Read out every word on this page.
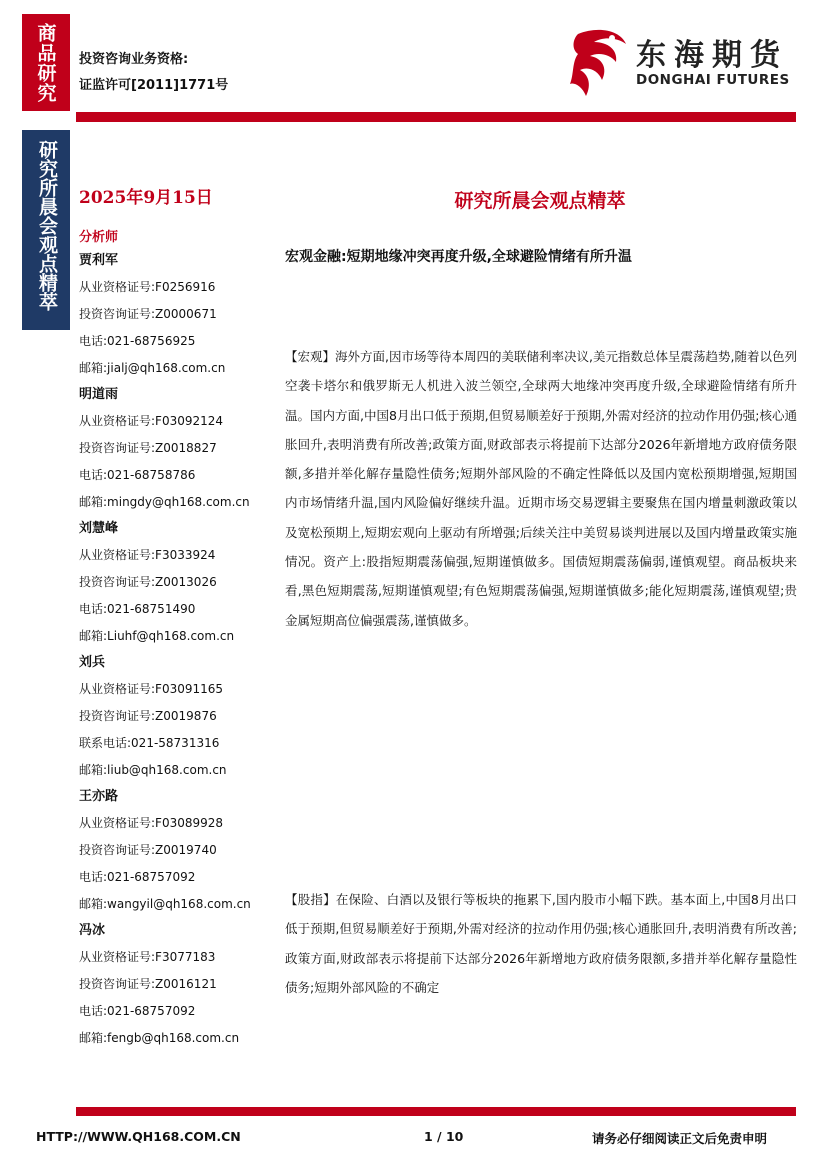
商品研究
研究所晨会观点精萃
投资咨询业务资格:
证监许可[2011]1771号
东海期货
DONGHAI FUTURES
2025年9月15日	研究所晨会观点精萃
分析师
贾利军
从业资格证号:F0256916
投资咨询证号:Z0000671
电话:021-68756925
邮箱:jialj@qh168.com.cn
明道雨
从业资格证号:F03092124
投资咨询证号:Z0018827
电话:021-68758786
邮箱:mingdy@qh168.com.cn
刘慧峰
从业资格证号:F3033924
投资咨询证号:Z0013026
电话:021-68751490
邮箱:Liuhf@qh168.com.cn
刘兵
从业资格证号:F03091165
投资咨询证号:Z0019876
联系电话:021-58731316
邮箱:liub@qh168.com.cn
王亦路
从业资格证号:F03089928
投资咨询证号:Z0019740
电话:021-68757092
邮箱:wangyil@qh168.com.cn
冯冰
从业资格证号:F3077183
投资咨询证号:Z0016121
电话:021-68757092
邮箱:fengb@qh168.com.cn
宏观金融:短期地缘冲突再度升级,全球避险情绪有所升温
【宏观】海外方面,因市场等待本周四的美联储利率决议,美元指数总体呈震荡趋势,随着以色列空袭卡塔尔和俄罗斯无人机进入波兰领空,全球两大地缘冲突再度升级,全球避险情绪有所升温。国内方面,中国8月出口低于预期,但贸易顺差好于预期,外需对经济的拉动作用仍强;核心通胀回升,表明消费有所改善;政策方面,财政部表示将提前下达部分2026年新增地方政府债务限额,多措并举化解存量隐性债务;短期外部风险的不确定性降低以及国内宽松预期增强,短期国内市场情绪升温,国内风险偏好继续升温。近期市场交易逻辑主要聚焦在国内增量刺激政策以及宽松预期上,短期宏观向上驱动有所增强;后续关注中美贸易谈判进展以及国内增量政策实施情况。资产上:股指短期震荡偏强,短期谨慎做多。国债短期震荡偏弱,谨慎观望。商品板块来看,黑色短期震荡,短期谨慎观望;有色短期震荡偏强,短期谨慎做多;能化短期震荡,谨慎观望;贵金属短期高位偏强震荡,谨慎做多。
【股指】在保险、白酒以及银行等板块的拖累下,国内股市小幅下跌。基本面上,中国8月出口低于预期,但贸易顺差好于预期,外需对经济的拉动作用仍强;核心通胀回升,表明消费有所改善;政策方面,财政部表示将提前下达部分2026年新增地方政府债务限额,多措并举化解存量隐性债务;短期外部风险的不确定
HTTP://WWW.QH168.COM.CN	1 / 10	请务必仔细阅读正文后免责申明
